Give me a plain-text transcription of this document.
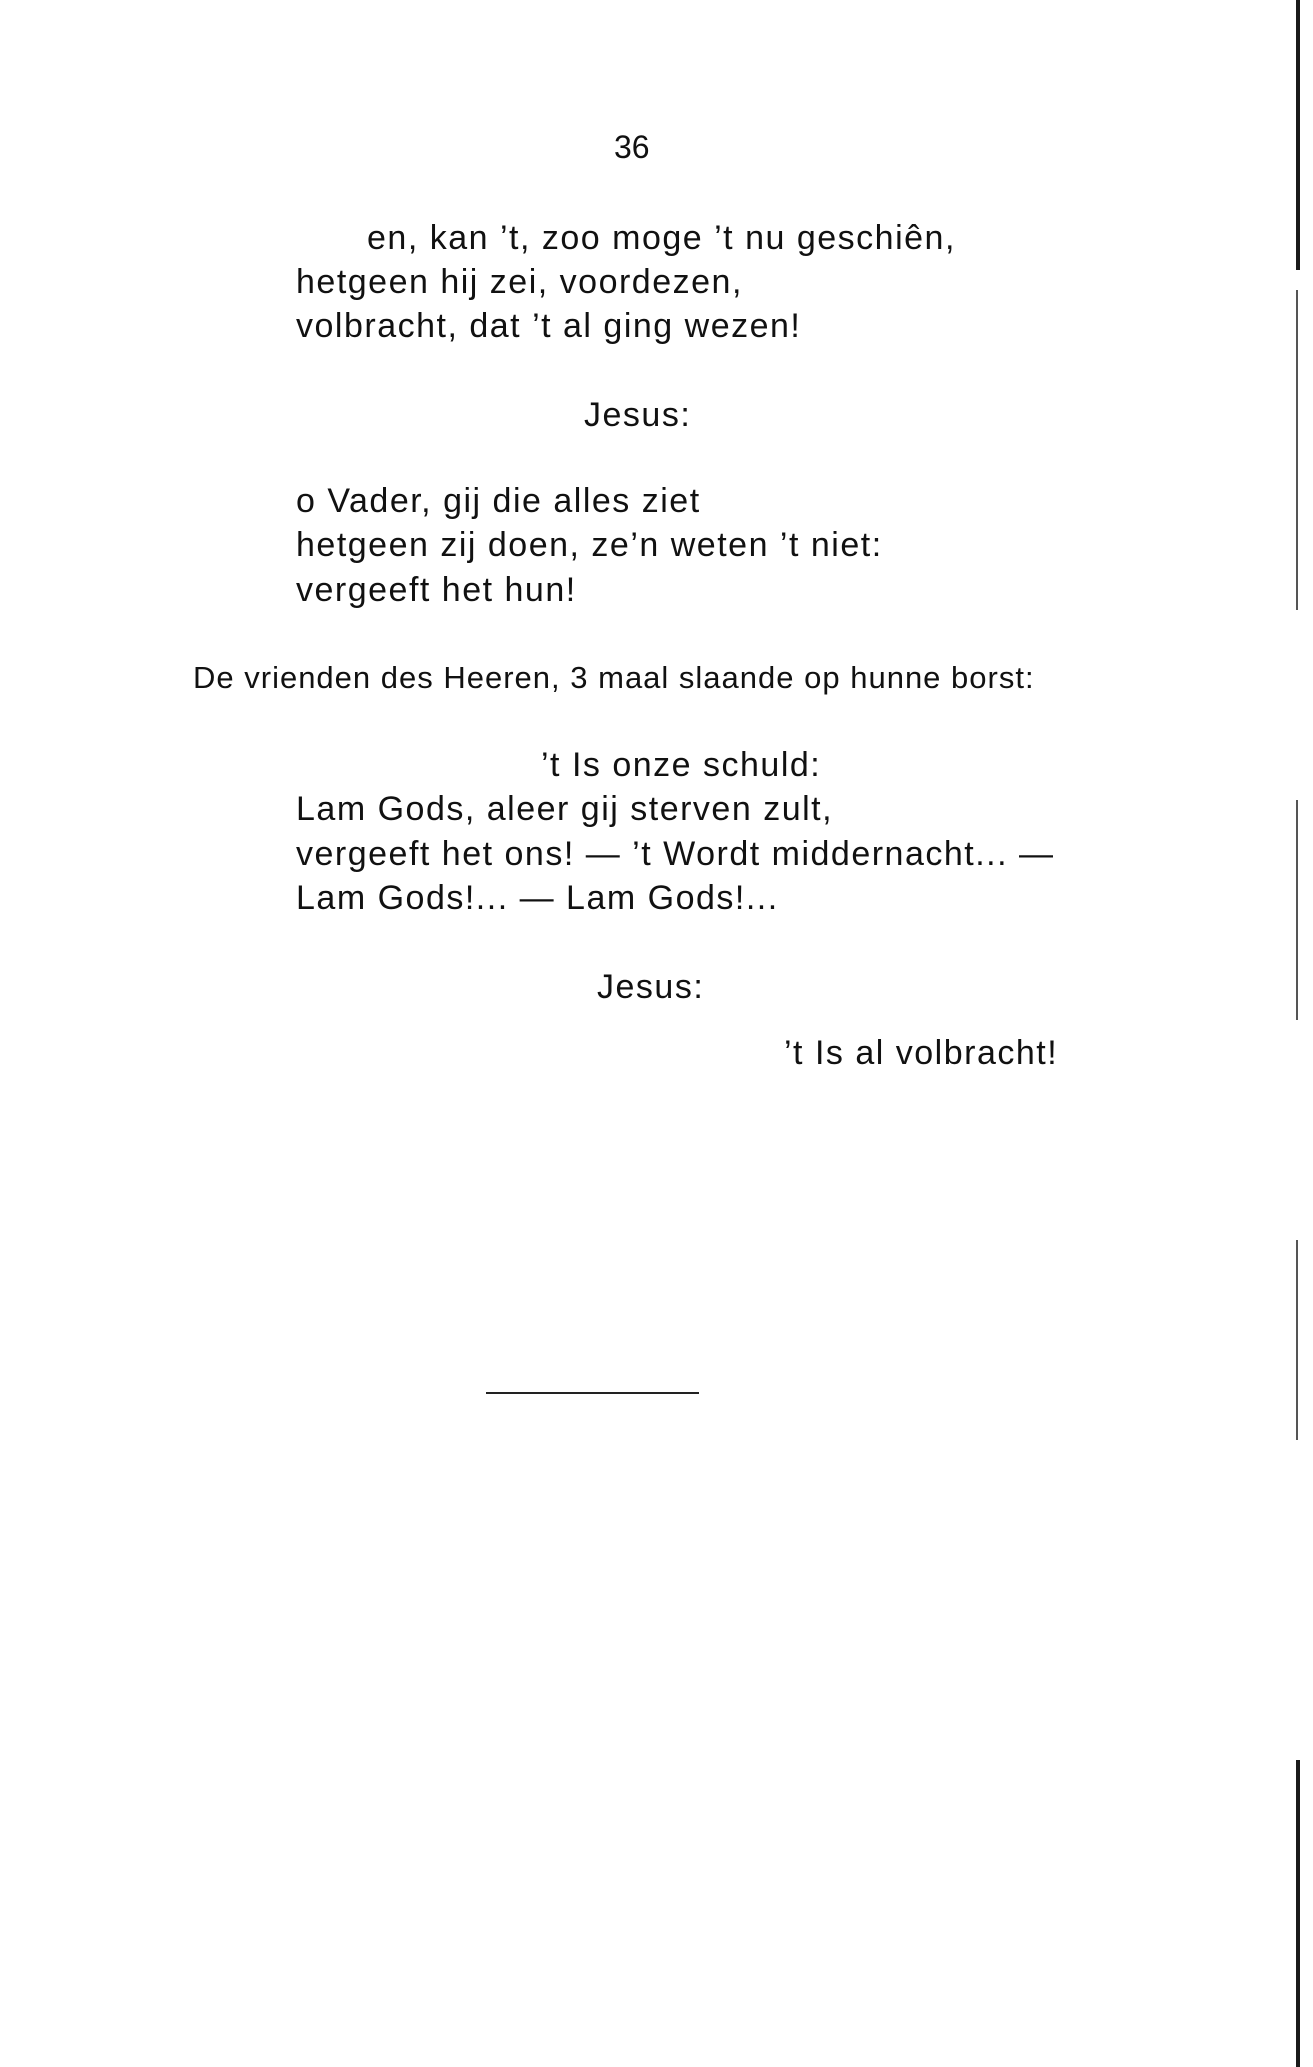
36
en, kan ’t, zoo moge ’t nu geschiên,
hetgeen hij zei, voordezen,
volbracht, dat ’t al ging wezen!
Jesus:
o Vader, gij die alles ziet
hetgeen zij doen, ze’n weten ’t niet:
vergeeft het hun!
De vrienden des Heeren, 3 maal slaande op hunne borst:
’t Is onze schuld:
Lam Gods, aleer gij sterven zult,
vergeeft het ons! — ’t Wordt middernacht... —
Lam Gods!... — Lam Gods!...
Jesus:
’t Is al volbracht!
